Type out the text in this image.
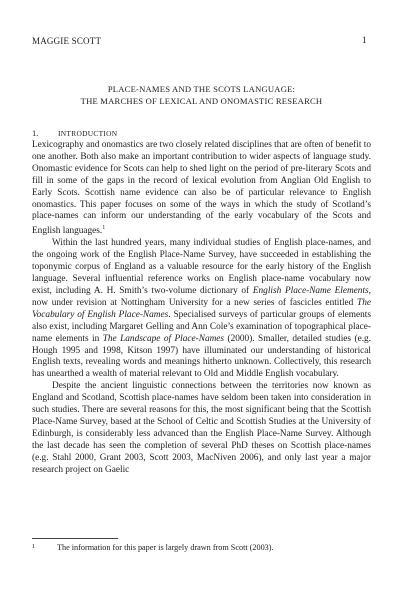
MAGGIE SCOTT	1
PLACE-NAMES AND THE SCOTS LANGUAGE:
THE MARCHES OF LEXICAL AND ONOMASTIC RESEARCH
1.	INTRODUCTION

Lexicography and onomastics are two closely related disciplines that are often of benefit to one another. Both also make an important contribution to wider aspects of language study. Onomastic evidence for Scots can help to shed light on the period of pre-literary Scots and fill in some of the gaps in the record of lexical evolution from Anglian Old English to Early Scots. Scottish name evidence can also be of particular relevance to English onomastics. This paper focuses on some of the ways in which the study of Scotland’s place-names can inform our understanding of the early vocabulary of the Scots and English languages.$^1$

Within the last hundred years, many individual studies of English place-names, and the ongoing work of the English Place-Name Survey, have succeeded in establishing the toponymic corpus of England as a valuable resource for the early history of the English language. Several influential reference works on English place-name vocabulary now exist, including A. H. Smith’s two-volume dictionary of English Place-Name Elements, now under revision at Nottingham University for a new series of fascicles entitled The Vocabulary of English Place-Names. Specialised surveys of particular groups of elements also exist, including Margaret Gelling and Ann Cole’s examination of topographical place-name elements in The Landscape of Place-Names (2000). Smaller, detailed studies (e.g. Hough 1995 and 1998, Kitson 1997) have illuminated our understanding of historical English texts, revealing words and meanings hitherto unknown. Collectively, this research has unearthed a wealth of material relevant to Old and Middle English vocabulary.

Despite the ancient linguistic connections between the territories now known as England and Scotland, Scottish place-names have seldom been taken into consideration in such studies. There are several reasons for this, the most significant being that the Scottish Place-Name Survey, based at the School of Celtic and Scottish Studies at the University of Edinburgh, is considerably less advanced than the English Place-Name Survey. Although the last decade has seen the completion of several PhD theses on Scottish place-names (e.g. Stahl 2000, Grant 2003, Scott 2003, MacNiven 2006), and only last year a major research project on Gaelic

1	The information for this paper is largely drawn from Scott (2003).
